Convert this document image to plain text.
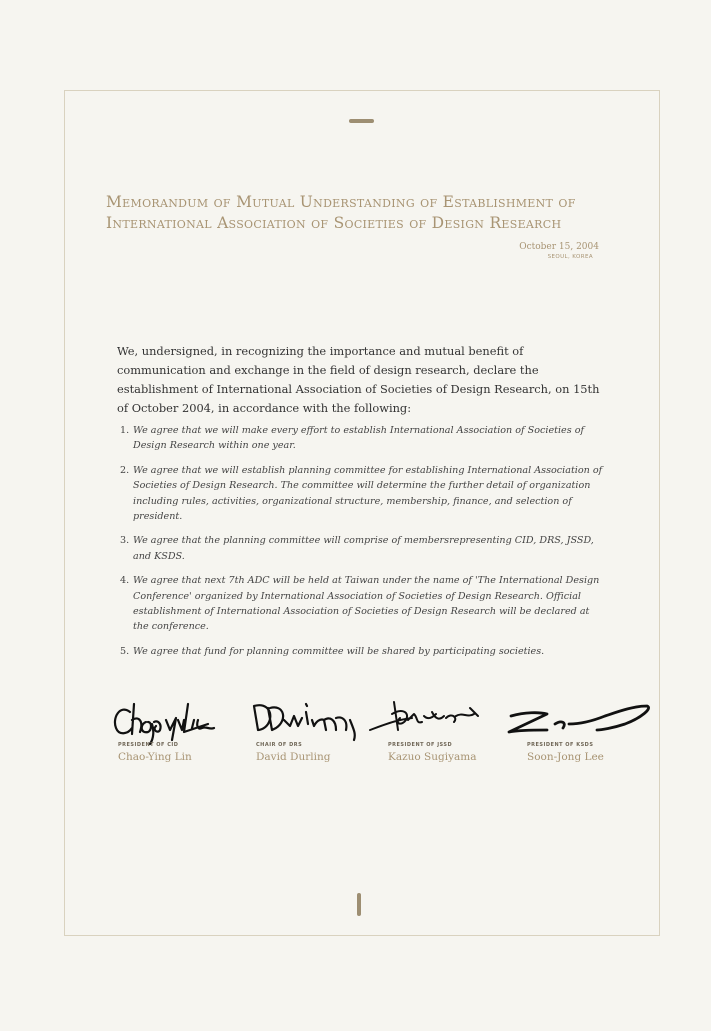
Memorandum of Mutual Understanding of Establishment of
International Association of Societies of Design Research
October 15, 2004
SEOUL, KOREA

We, undersigned, in recognizing the importance and mutual benefit of communication and exchange in the field of design research, declare the establishment of International Association of Societies of Design Research, on 15th of October 2004, in accordance with the following:

1. We agree that we will make every effort to establish International Association of Societies of Design Research within one year.
2. We agree that we will establish planning committee for establishing International Association of Societies of Design Research. The committee will determine the further detail of organization including rules, activities, organizational structure, membership, finance, and selection of president.
3. We agree that the planning committee will comprise of membersrepresenting CID, DRS, JSSD, and KSDS.
4. We agree that next 7th ADC will be held at Taiwan under the name of 'The International Design Conference' organized by International Association of Societies of Design Research. Official establishment of International Association of Societies of Design Research will be declared at the conference.
5. We agree that fund for planning committee will be shared by participating societies.
PRESIDENT OF CID
Chao-Ying Lin
CHAIR OF DRS
David Durling
PRESIDENT OF JSSD
Kazuo Sugiyama
PRESIDENT OF KSDS
Soon-Jong Lee
